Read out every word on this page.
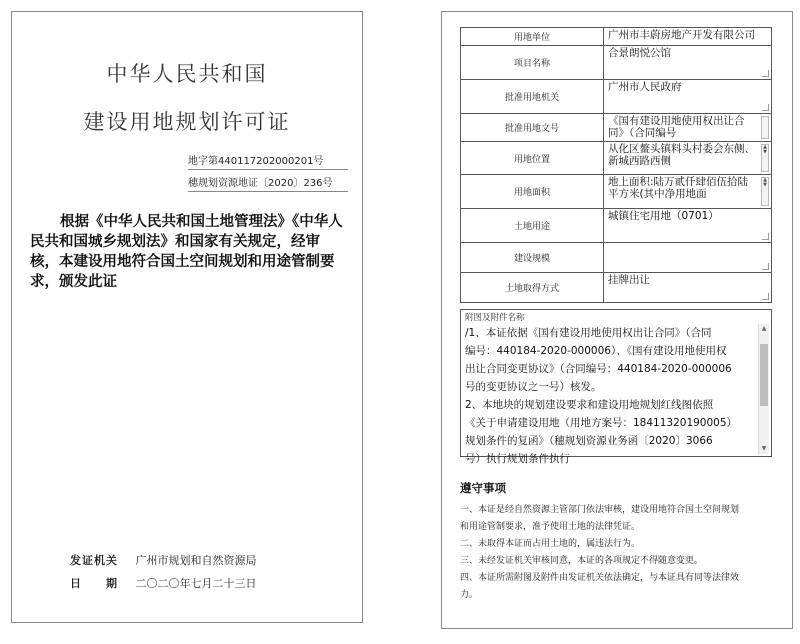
中华人民共和国
建设用地规划许可证
地字第440117202000201号
穗规划资源地证〔2020〕236号
根据《中华人民共和国土地管理法》《中华人民共和国城乡规划法》和国家有关规定，经审核，本建设用地符合国土空间规划和用途管制要求，颁发此证
发证机关 广州市规划和自然资源局
日　　期 二〇二〇年七月二十三日
用地单位	广州市丰蔚房地产开发有限公司

项目名称	合景朗悦公馆

批准用地机关	广州市人民政府

批准用地文号	《国有建设用地使用权出让合同》（合同编号

用地位置	从化区鳌头镇料头村委会东侧、新城西路西侧
▲
▼

用地面积	地上面积:陆万贰仟肆佰伍拾陆平方米(其中净用地面
▲
▼

土地用途	城镇住宅用地（0701）

建设规模	

土地取得方式	挂牌出让
附图及附件名称

/1、本证依据《国有建设用地使用权出让合同》（合同

编号：440184-2020-000006）、《国有建设用地使用权

出让合同变更协议》（合同编号：440184-2020-000006

号的变更协议之一号）核发。

2、本地块的规划建设要求和建设用地规划红线图依照

《关于申请建设用地（用地方案号：18411320190005）

规划条件的复函》（穗规划资源业务函〔2020〕3066

号）执行规划条件执行

▲
▼
遵守事项

一、本证是经自然资源主管部门依法审核，建设用地符合国土空间规划

和用途管制要求，准予使用土地的法律凭证。

二、未取得本证而占用土地的，属违法行为。

三、未经发证机关审核同意，本证的各项规定不得随意变更。

四、本证所需附图及附件由发证机关依法确定，与本证具有同等法律效

力。
